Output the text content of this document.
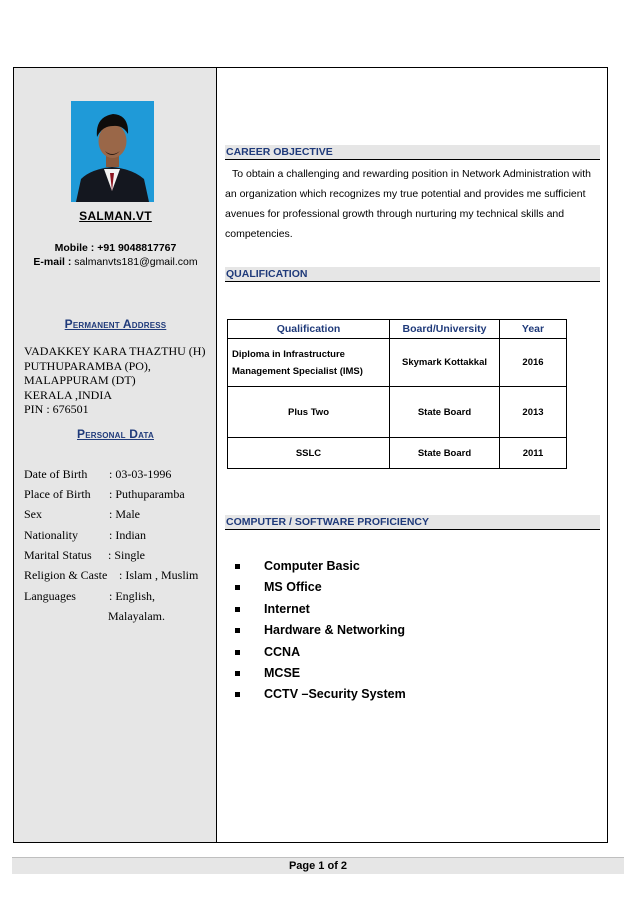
SALMAN.VT
Mobile : +91 9048817767
E-mail : salmanvts181@gmail.com
Permanent Address
VADAKKEY KARA THAZTHU (H)
PUTHUPARAMBA (PO),
MALAPPURAM (DT)
KERALA ,INDIA
PIN : 676501
Personal Data
Date of Birth : 03-03-1996
Place of Birth : Puthuparamba
Sex	: Male
Nationality	: Indian
Marital Status : Single
Religion & Caste : Islam , Muslim
Languages	: English,
Malayalam.
CAREER OBJECTIVE
To obtain a challenging and rewarding position in Network Administration with an organization which recognizes my true potential and provides me sufficient avenues for professional growth through nurturing my technical skills and competencies.
QUALIFICATION
Qualification	Board/University	Year
Diploma in Infrastructure Management Specialist (IMS)	Skymark Kottakkal	2016
Plus Two	State Board	2013
SSLC	State Board	2011
COMPUTER / SOFTWARE PROFICIENCY
Computer Basic
MS Office
Internet
Hardware & Networking
CCNA
MCSE
CCTV –Security System
Page 1 of 2
